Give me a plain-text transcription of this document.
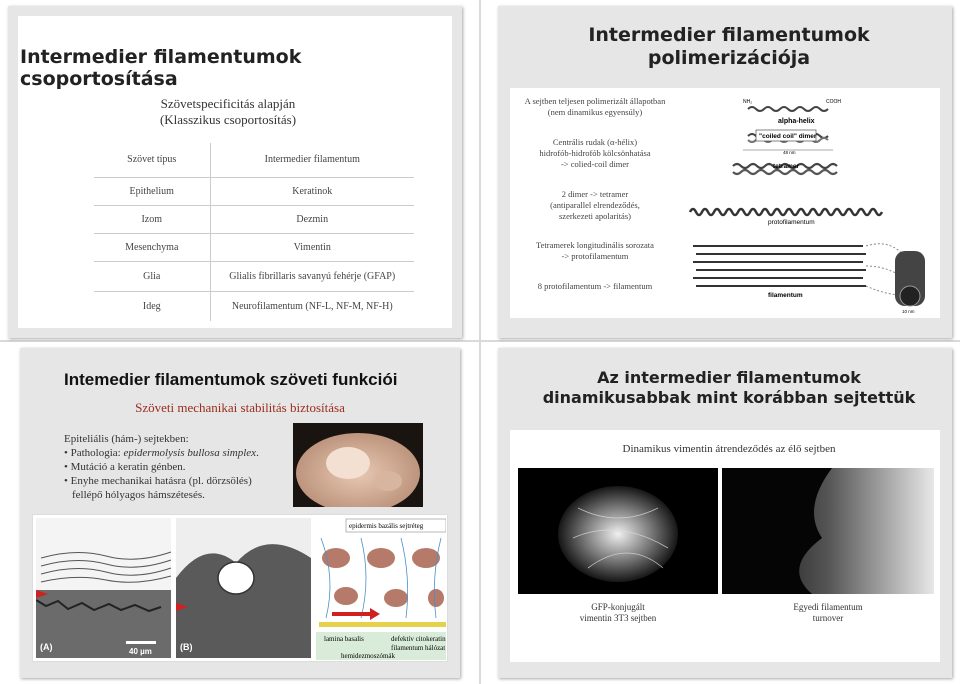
Intermedier filamentumok csoportosítása
Szövetspecificitás alapján
(Klasszikus csoportosítás)
Szövet típus	Intermedier filamentum
Epithelium	Keratinok
Izom	Dezmin
Mesenchyma	Vimentin
Glia	Glialis fibrillaris savanyú fehérje (GFAP)
Ideg	Neurofilamentum (NF-L, NF-M, NF-H)
Intermedier filamentumok
polimerizációja
A sejtben teljesen polimerizált állapotban
(nem dinamikus egyensúly)
Centrális rudak (α-hélix)
hidrofób-hidrofób kölcsönhatása
-> colied-coil dimer
2 dimer -> tetramer
(antiparallel elrendeződés,
szerkezeti apolaritás)
Tetramerek longitudinális sorozata
-> protofilamentum
8 protofilamentum -> filamentum
NH₂	COOH
alpha-helix
"coiled coil" dimer
48 nm
tetramer
protofilamentum
filamentum
10 nm
Intemedier filamentumok szöveti funkciói
Szöveti mechanikai stabilitás biztosítása
Epiteliális (hám-) sejtekben:
• Pathologia: epidermolysis bullosa simplex.
• Mutáció a keratin génben.
• Enyhe mechanikai hatásra (pl. dörzsölés)
fellépő hólyagos hámszétesés.
(A)	40 µm	(B)
epidermis bazális sejtréteg
lamina basalis	defektív citokeratin
filamentum hálózat
hemidezmoszómák
Az intermedier filamentumok
dinamikusabbak mint korábban sejtettük
Dinamikus vimentin átrendeződés az élő sejtben
GFP-konjugált
vimentin 3T3 sejtben
Egyedi filamentum
turnover
